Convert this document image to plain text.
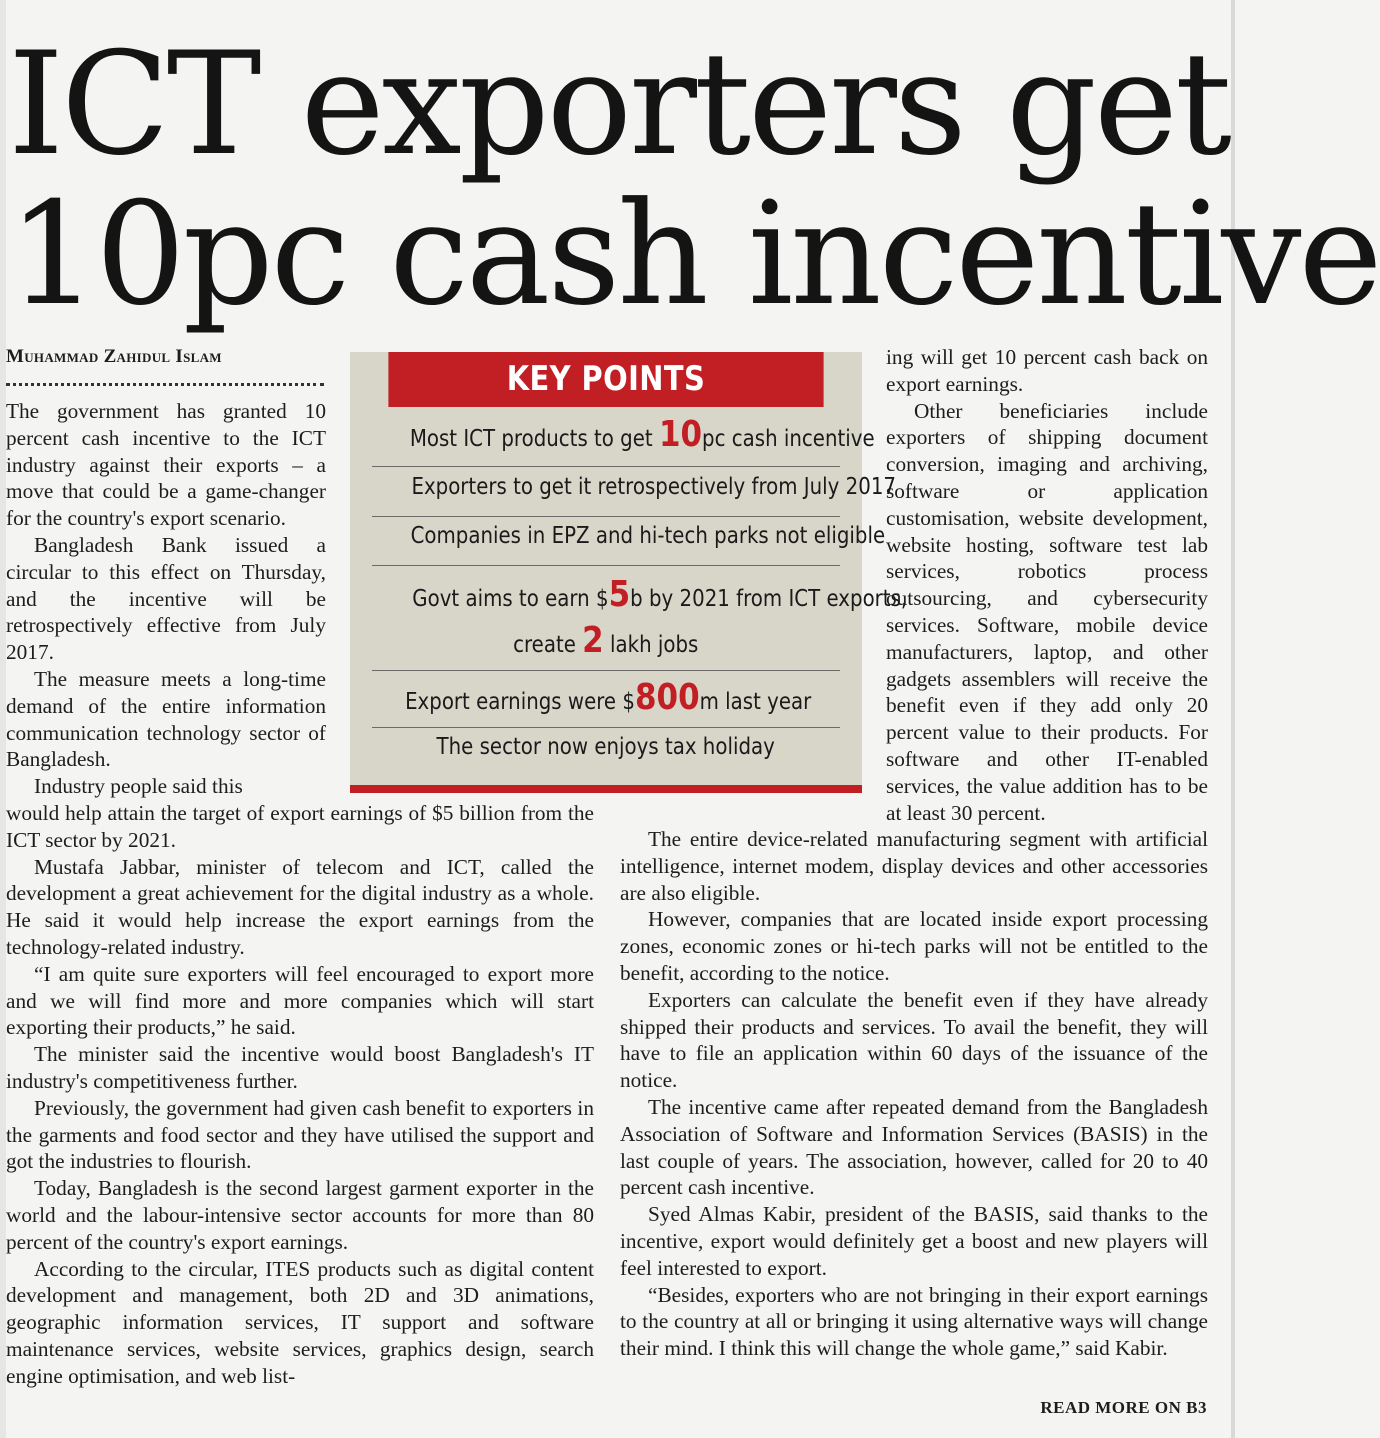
ICT exporters get
10pc cash incentive
Muhammad Zahidul Islam

The government has granted 10 percent cash incentive to the ICT industry against their exports – a move that could be a game-changer for the country's export scenario.

Bangladesh Bank issued a circular to this effect on Thursday, and the incentive will be retrospectively effective from July 2017.

The measure meets a long-time demand of the entire information communication technology sector of Bangladesh.

Industry people said this

KEY POINTS
Most ICT products to get 10pc cash incentive
Exporters to get it retrospectively from July 2017
Companies in EPZ and hi-tech parks not eligible
Govt aims to earn $5b by 2021 from ICT exports,
create 2 lakh jobs
Export earnings were $800m last year
The sector now enjoys tax holiday

ing will get 10 percent cash back on export earnings.

Other beneficiaries include exporters of shipping document conversion, imaging and archiving, software or application customisation, website development, website hosting, software test lab services, robotics process outsourcing, and cybersecurity services. Software, mobile device manufacturers, laptop, and other gadgets assemblers will receive the benefit even if they add only 20 percent value to their products. For software and other IT-enabled services, the value addition has to be at least 30 percent.

would help attain the target of export earnings of $5 billion from the ICT sector by 2021.

Mustafa Jabbar, minister of telecom and ICT, called the development a great achievement for the digital industry as a whole. He said it would help increase the export earnings from the technology-related industry.

“I am quite sure exporters will feel encouraged to export more and we will find more and more companies which will start exporting their products,” he said.

The minister said the incentive would boost Bangladesh's IT industry's competitiveness further.

Previously, the government had given cash benefit to exporters in the garments and food sector and they have utilised the support and got the industries to flourish.

Today, Bangladesh is the second largest garment exporter in the world and the labour-intensive sector accounts for more than 80 percent of the country's export earnings.

According to the circular, ITES products such as digital content development and management, both 2D and 3D animations, geographic information services, IT support and software maintenance services, website services, graphics design, search engine optimisation, and web list-

The entire device-related manufacturing segment with artificial intelligence, internet modem, display devices and other accessories are also eligible.

However, companies that are located inside export processing zones, economic zones or hi-tech parks will not be entitled to the benefit, according to the notice.

Exporters can calculate the benefit even if they have already shipped their products and services. To avail the benefit, they will have to file an application within 60 days of the issuance of the notice.

The incentive came after repeated demand from the Bangladesh Association of Software and Information Services (BASIS) in the last couple of years. The association, however, called for 20 to 40 percent cash incentive.

Syed Almas Kabir, president of the BASIS, said thanks to the incentive, export would definitely get a boost and new players will feel interested to export.

“Besides, exporters who are not bringing in their export earnings to the country at all or bringing it using alternative ways will change their mind. I think this will change the whole game,” said Kabir.

READ MORE ON B3
